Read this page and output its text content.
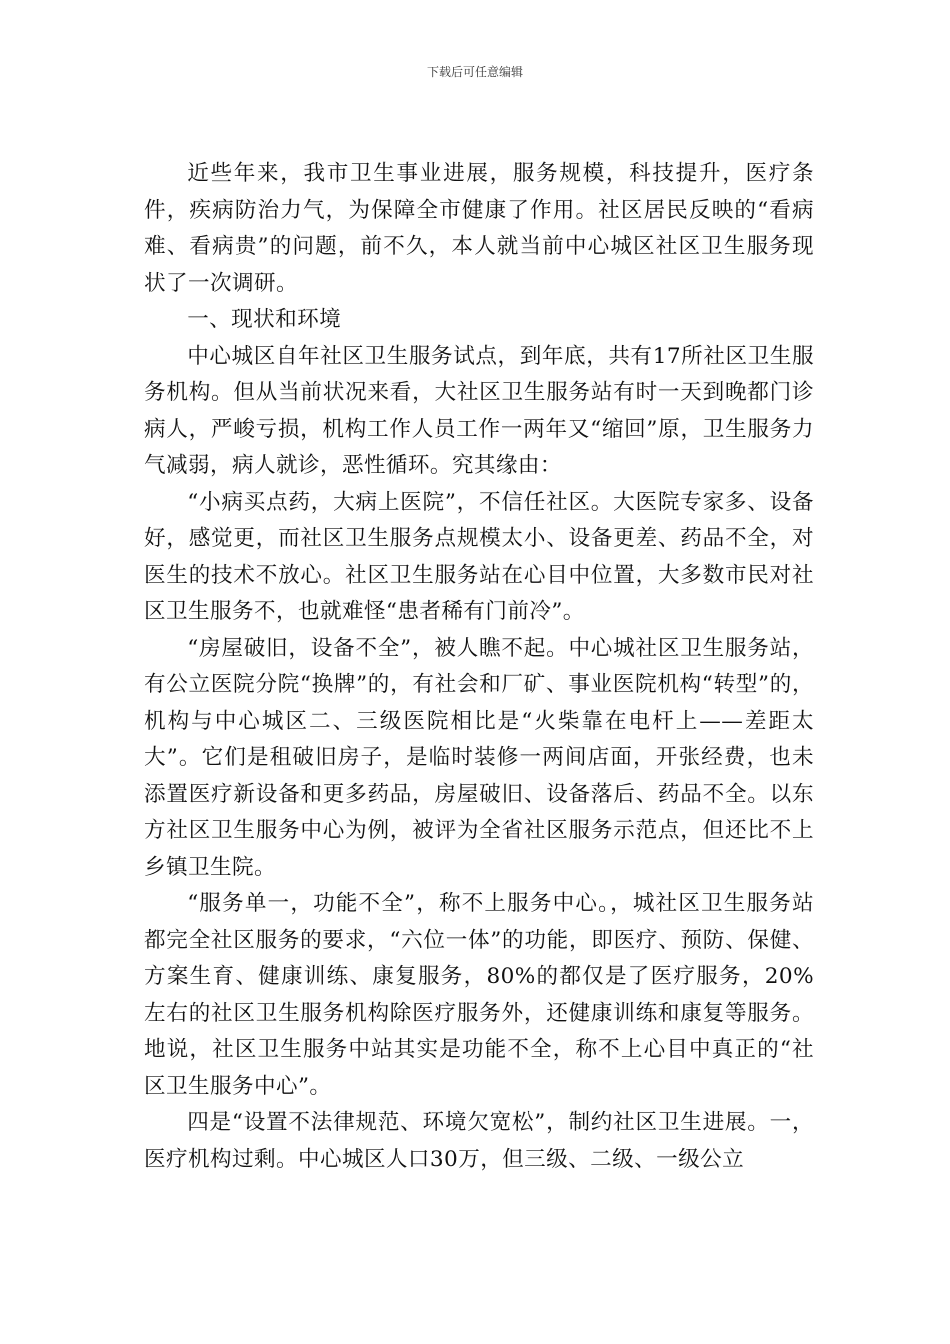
下载后可任意编辑

近些年来，我市卫生事业进展，服务规模，科技提升，医疗条件，疾病防治力气，为保障全市健康了作用。社区居民反映的“看病难、看病贵”的问题，前不久，本人就当前中心城区社区卫生服务现状了一次调研。

一、现状和环境

中心城区自年社区卫生服务试点，到年底，共有17所社区卫生服务机构。但从当前状况来看，大社区卫生服务站有时一天到晚都门诊病人，严峻亏损，机构工作人员工作一两年又“缩回”原，卫生服务力气减弱，病人就诊，恶性循环。究其缘由：

“小病买点药，大病上医院”，不信任社区。大医院专家多、设备好，感觉更，而社区卫生服务点规模太小、设备更差、药品不全，对医生的技术不放心。社区卫生服务站在心目中位置，大多数市民对社区卫生服务不，也就难怪“患者稀有门前冷”。

“房屋破旧，设备不全”，被人瞧不起。中心城社区卫生服务站，有公立医院分院“换牌”的，有社会和厂矿、事业医院机构“转型”的，机构与中心城区二、三级医院相比是“火柴靠在电杆上——差距太大”。它们是租破旧房子，是临时装修一两间店面，开张经费，也未添置医疗新设备和更多药品，房屋破旧、设备落后、药品不全。以东方社区卫生服务中心为例，被评为全省社区服务示范点，但还比不上乡镇卫生院。

“服务单一，功能不全”，称不上服务中心。，城社区卫生服务站都完全社区服务的要求，“六位一体”的功能，即医疗、预防、保健、方案生育、健康训练、康复服务，80%的都仅是了医疗服务，20%左右的社区卫生服务机构除医疗服务外，还健康训练和康复等服务。地说，社区卫生服务中站其实是功能不全，称不上心目中真正的“社区卫生服务中心”。

四是“设置不法律规范、环境欠宽松”，制约社区卫生进展。一，医疗机构过剩。中心城区人口30万，但三级、二级、一级公立
